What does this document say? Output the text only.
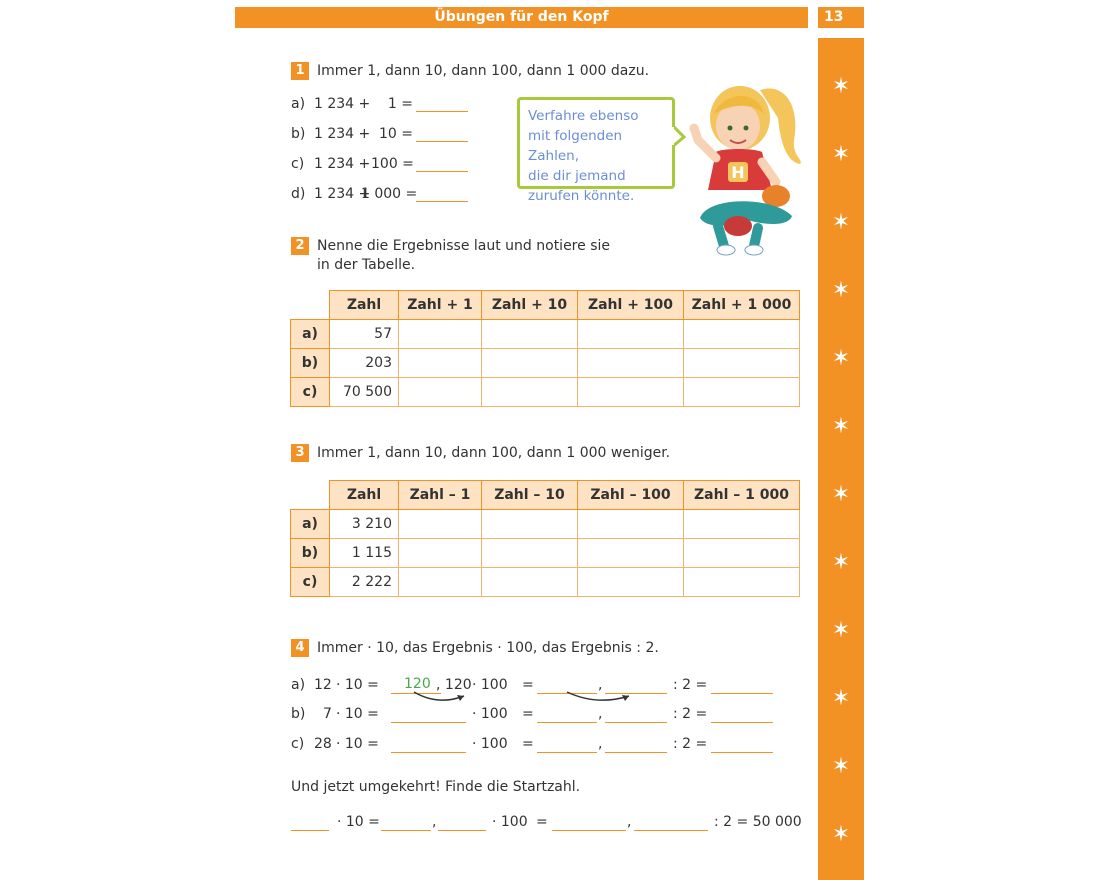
Übungen für den Kopf	13
✶
✶
✶
✶
✶
✶
✶
✶
✶
✶
✶
✶
1 Immer 1, dann 10, dann 100, dann 1 000 dazu.
a) 1 234 +	1 =
b) 1 234 + 10 =
c) 1 234 + 100 =
d) 1 234 +
1 000 =
Verfahre ebenso
mit folgenden Zahlen,
die dir jemand
zurufen könnte.
H
2 Nenne die Ergebnisse laut und notiere sie
in der Tabelle.
	Zahl	Zahl + 1	Zahl + 10	Zahl + 100	Zahl + 1 000
a)	57				
b)	203				
c)	70 500				
3 Immer 1, dann 10, dann 100, dann 1 000 weniger.
	Zahl	Zahl – 1	Zahl – 10	Zahl – 100	Zahl – 1 000
a)	3 210				
b)	1 115				
c)	2 222				
4 Immer · 10, das Ergebnis · 100, das Ergebnis : 2.
a) 12 · 10 = 120 , 120 · 100 =	,	: 2 =
b) 7 · 10 =	· 100 =	,	: 2 =
c) 28 · 10 =	· 100 =	,	: 2 =
Und jetzt umgekehrt! Finde die Startzahl.
· 10 =	,	· 100 =	,	: 2 = 50 000
